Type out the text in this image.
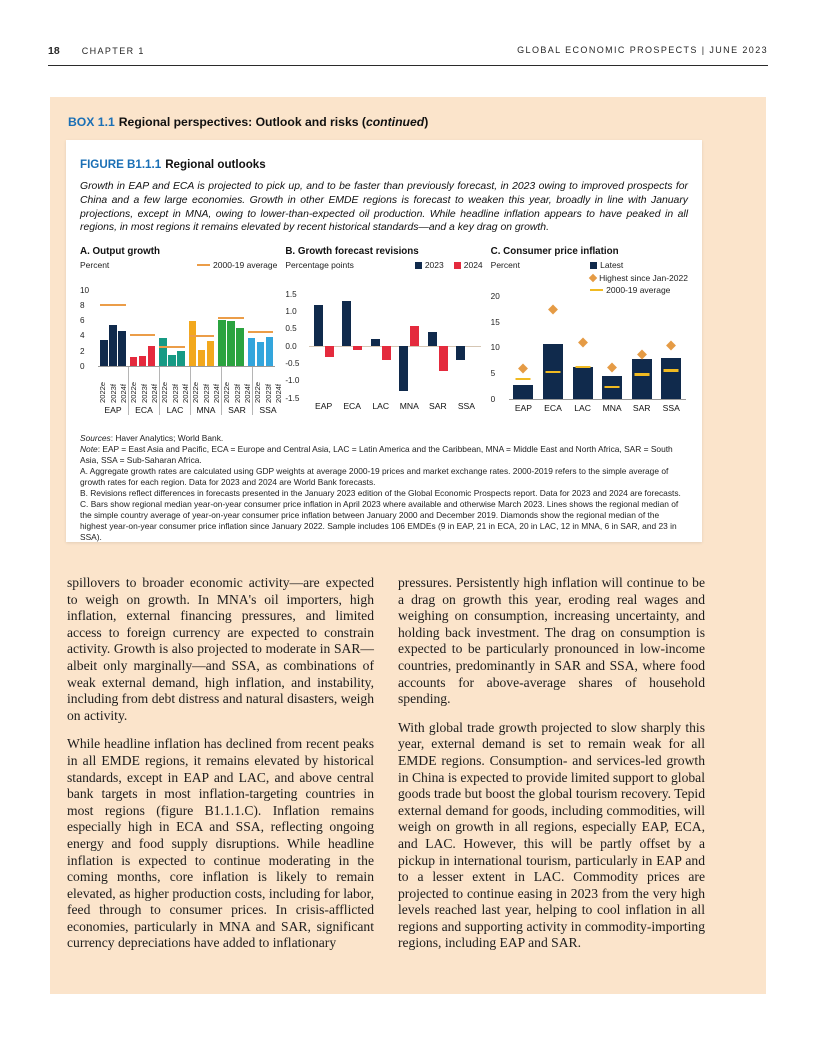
18 CHAPTER 1	GLOBAL ECONOMIC PROSPECTS | JUNE 2023
BOX 1.1 Regional perspectives: Outlook and risks (continued)
FIGURE B1.1.1 Regional outlooks

Growth in EAP and ECA is projected to pick up, and to be faster than previously forecast, in 2023 owing to improved prospects for China and a few large economies. Growth in other EMDE regions is forecast to weaken this year, broadly in line with January projections, except in MNA, owing to lower-than-expected oil production. While headline inflation appears to have peaked in all regions, in most regions it remains elevated by recent historical standards—and a key drag on growth.

A. Output growth
Percent	2000-19 average
10
8
6
4
2
0
2022e 2023f 2024f
EAP
2022e 2023f 2024f
ECA
2022e 2023f 2024f
LAC
2022e 2023f 2024f
MNA
2022e 2023f 2024f
SAR
2022e 2023f 2024f
SSA
B. Growth forecast revisions
Percentage points	2023 2024
1.5
1.0
0.5
0.0
-0.5
-1.0
-1.5
EAP	ECA	LAC	MNA	SAR	SSA
C. Consumer price inflation
Percent	Latest
Highest since Jan-2022
2000-19 average
20
15
10
5
0
EAP	ECA	LAC	MNA	SAR	SSA

Sources: Haver Analytics; World Bank.

Note: EAP = East Asia and Pacific, ECA = Europe and Central Asia, LAC = Latin America and the Caribbean, MNA = Middle East and North Africa, SAR = South Asia, SSA = Sub-Saharan Africa.

A. Aggregate growth rates are calculated using GDP weights at average 2000-19 prices and market exchange rates. 2000-2019 refers to the simple average of growth rates for each region. Data for 2023 and 2024 are World Bank forecasts.

B. Revisions reflect differences in forecasts presented in the January 2023 edition of the Global Economic Prospects report. Data for 2023 and 2024 are forecasts.

C. Bars show regional median year-on-year consumer price inflation in April 2023 where available and otherwise March 2023. Lines shows the regional median of the simple country average of year-on-year consumer price inflation between January 2000 and December 2019. Diamonds show the regional median of the highest year-on-year consumer price inflation since January 2022. Sample includes 106 EMDEs (9 in EAP, 21 in ECA, 20 in LAC, 12 in MNA, 6 in SAR, and 23 in SSA).

spillovers to broader economic activity—are expected to weigh on growth. In MNA's oil importers, high inflation, external financing pressures, and limited access to foreign currency are expected to constrain activity. Growth is also projected to moderate in SAR—albeit only marginally—and SSA, as combinations of weak external demand, high inflation, and instability, including from debt distress and natural disasters, weigh on activity.

While headline inflation has declined from recent peaks in all EMDE regions, it remains elevated by historical standards, except in EAP and LAC, and above central bank targets in most inflation-targeting countries in most regions (figure B1.1.1.C). Inflation remains especially high in ECA and SSA, reflecting ongoing energy and food supply disruptions. While headline inflation is expected to continue moderating in the coming months, core inflation is likely to remain elevated, as higher production costs, including for labor, feed through to consumer prices. In crisis-afflicted economies, particularly in MNA and SAR, significant currency depreciations have added to inflationary

pressures. Persistently high inflation will continue to be a drag on growth this year, eroding real wages and weighing on consumption, increasing uncertainty, and holding back investment. The drag on consumption is expected to be particularly pronounced in low-income countries, predominantly in SAR and SSA, where food accounts for above-average shares of household spending.

With global trade growth projected to slow sharply this year, external demand is set to remain weak for all EMDE regions. Consumption- and services-led growth in China is expected to provide limited support to global goods trade but boost the global tourism recovery. Tepid external demand for goods, including commodities, will weigh on growth in all regions, especially EAP, ECA, and LAC. However, this will be partly offset by a pickup in international tourism, particularly in EAP and to a lesser extent in LAC. Commodity prices are projected to continue easing in 2023 from the very high levels reached last year, helping to cool inflation in all regions and supporting activity in commodity-importing regions, including EAP and SAR.
